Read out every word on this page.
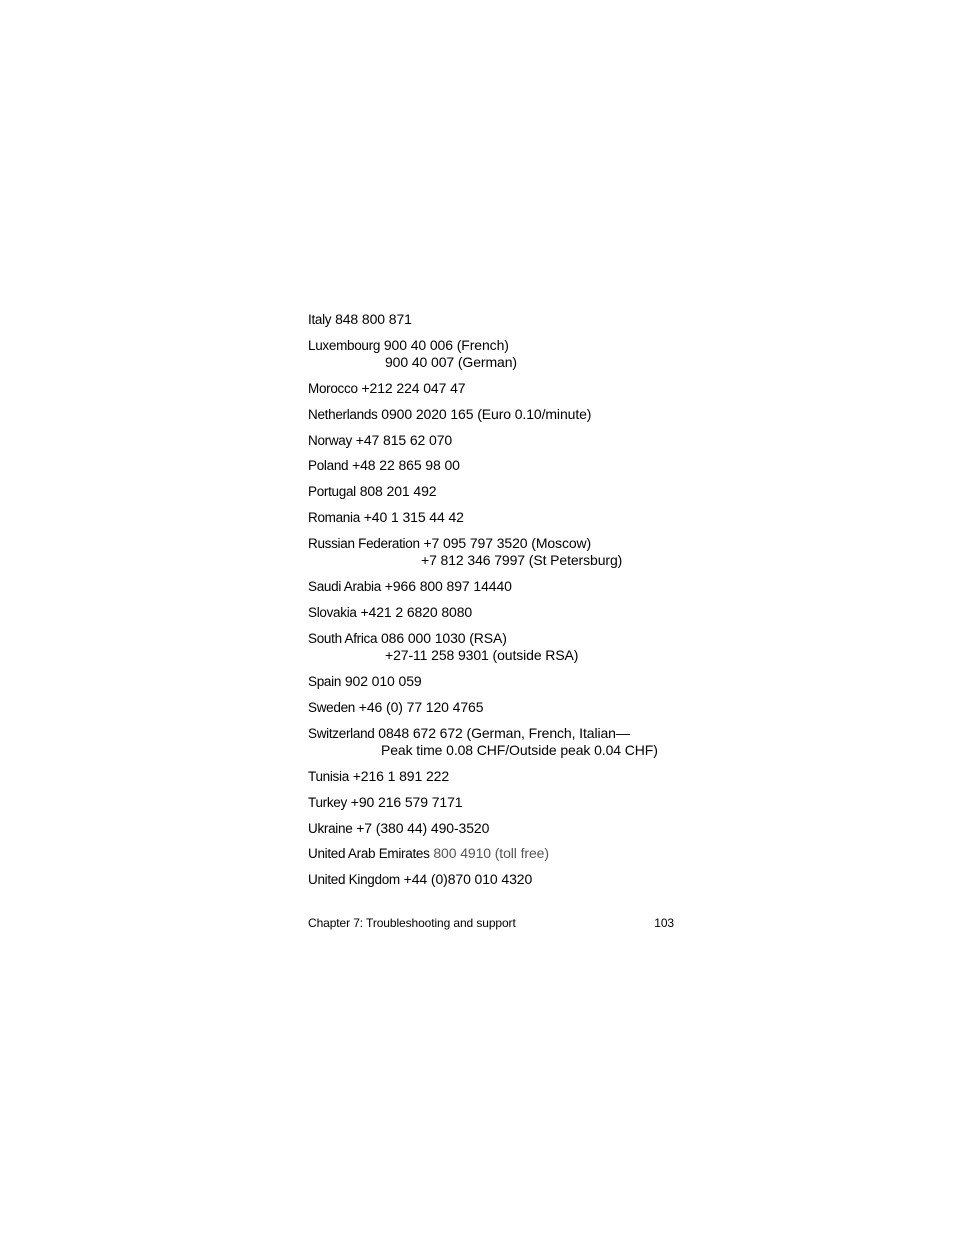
Italy 848 800 871
Luxembourg 900 40 006 (French)
900 40 007 (German)
Morocco +212 224 047 47
Netherlands 0900 2020 165 (Euro 0.10/minute)
Norway +47 815 62 070
Poland +48 22 865 98 00
Portugal 808 201 492
Romania +40 1 315 44 42
Russian Federation +7 095 797 3520 (Moscow)
+7 812 346 7997 (St Petersburg)
Saudi Arabia +966 800 897 14440
Slovakia +421 2 6820 8080
South Africa 086 000 1030 (RSA)
+27-11 258 9301 (outside RSA)
Spain 902 010 059
Sweden +46 (0) 77 120 4765
Switzerland 0848 672 672 (German, French, Italian—
Peak time 0.08 CHF/Outside peak 0.04 CHF)
Tunisia +216 1 891 222
Turkey +90 216 579 7171
Ukraine +7 (380 44) 490-3520
United Arab Emirates 800 4910 (toll free)
United Kingdom +44 (0)870 010 4320
Chapter 7: Troubleshooting and support	103
